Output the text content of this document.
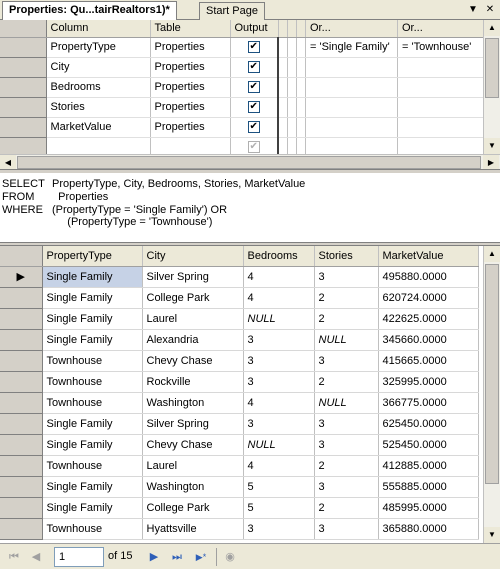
Properties: Qu...tairRealtors1)*	Start Page	▼ ✕
	Column	Table	Output				Or...	Or...
	PropertyType	Properties	✔				= 'Single Family'	= 'Townhouse'
	City	Properties	✔					
	Bedrooms	Properties	✔					
	Stories	Properties	✔					
	MarketValue	Properties	✔					
			✔					
▲
▼
◀	▶
SELECT PropertyType, City, Bedrooms, Stories, MarketValue
FROM  Properties
WHERE (PropertyType = 'Single Family') OR
(PropertyType = 'Townhouse')
	PropertyType	City	Bedrooms	Stories	MarketValue
▶	Single Family	Silver Spring	4	3	495880.0000
	Single Family	College Park	4	2	620724.0000
	Single Family	Laurel	NULL	2	422625.0000
	Single Family	Alexandria	3	NULL	345660.0000
	Townhouse	Chevy Chase	3	3	415665.0000
	Townhouse	Rockville	3	2	325995.0000
	Townhouse	Washington	4	NULL	366775.0000
	Single Family	Silver Spring	3	3	625450.0000
	Single Family	Chevy Chase	NULL	3	525450.0000
	Townhouse	Laurel	4	2	412885.0000
	Single Family	Washington	5	3	555885.0000
	Single Family	College Park	5	2	485995.0000
	Townhouse	Hyattsville	3	3	365880.0000
▲
▼
⏮	◀
1	of 15	▶	⏭	▶*	◉
